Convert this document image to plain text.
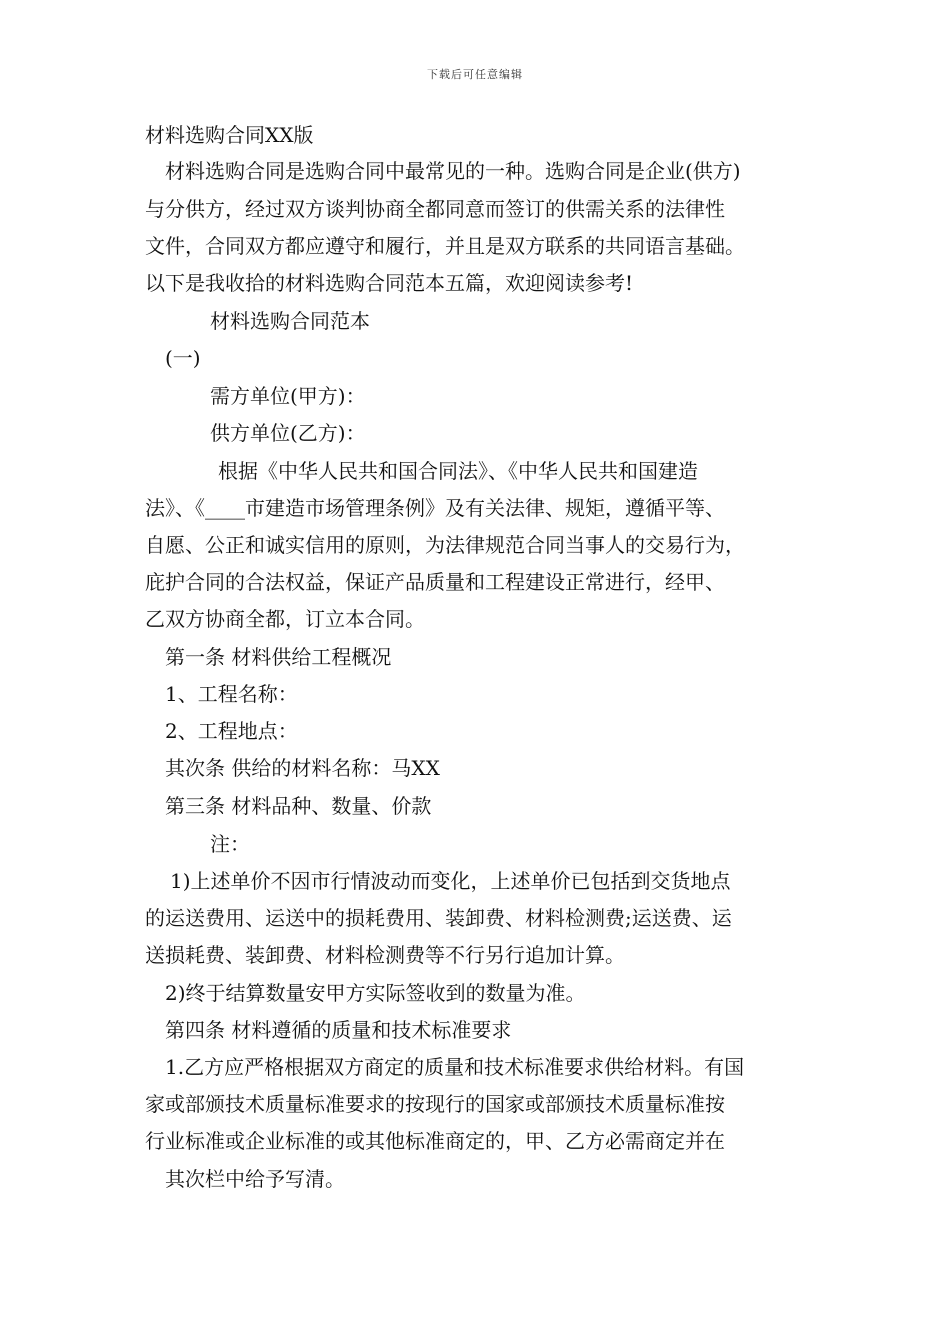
下载后可任意编辑
材料选购合同XX版
材料选购合同是选购合同中最常见的一种。选购合同是企业(供方)
与分供方，经过双方谈判协商全都同意而签订的供需关系的法律性
文件，合同双方都应遵守和履行，并且是双方联系的共同语言基础。
以下是我收拾的材料选购合同范本五篇，欢迎阅读参考!
材料选购合同范本
(一)
需方单位(甲方)：
供方单位(乙方)：
根据《中华人民共和国合同法》、《中华人民共和国建造
法》、《____市建造市场管理条例》及有关法律、规矩，遵循平等、
自愿、公正和诚实信用的原则，为法律规范合同当事人的交易行为，
庇护合同的合法权益，保证产品质量和工程建设正常进行，经甲、
乙双方协商全都，订立本合同。
第一条 材料供给工程概况
1、工程名称：
2、工程地点：
其次条 供给的材料名称：马XX
第三条 材料品种、数量、价款
注：
1)上述单价不因市行情波动而变化，上述单价已包括到交货地点
的运送费用、运送中的损耗费用、装卸费、材料检测费;运送费、运
送损耗费、装卸费、材料检测费等不行另行追加计算。
2)终于结算数量安甲方实际签收到的数量为准。
第四条 材料遵循的质量和技术标准要求
1.乙方应严格根据双方商定的质量和技术标准要求供给材料。有国
家或部颁技术质量标准要求的按现行的国家或部颁技术质量标准按
行业标准或企业标准的或其他标准商定的，甲、乙方必需商定并在
其次栏中给予写清。
